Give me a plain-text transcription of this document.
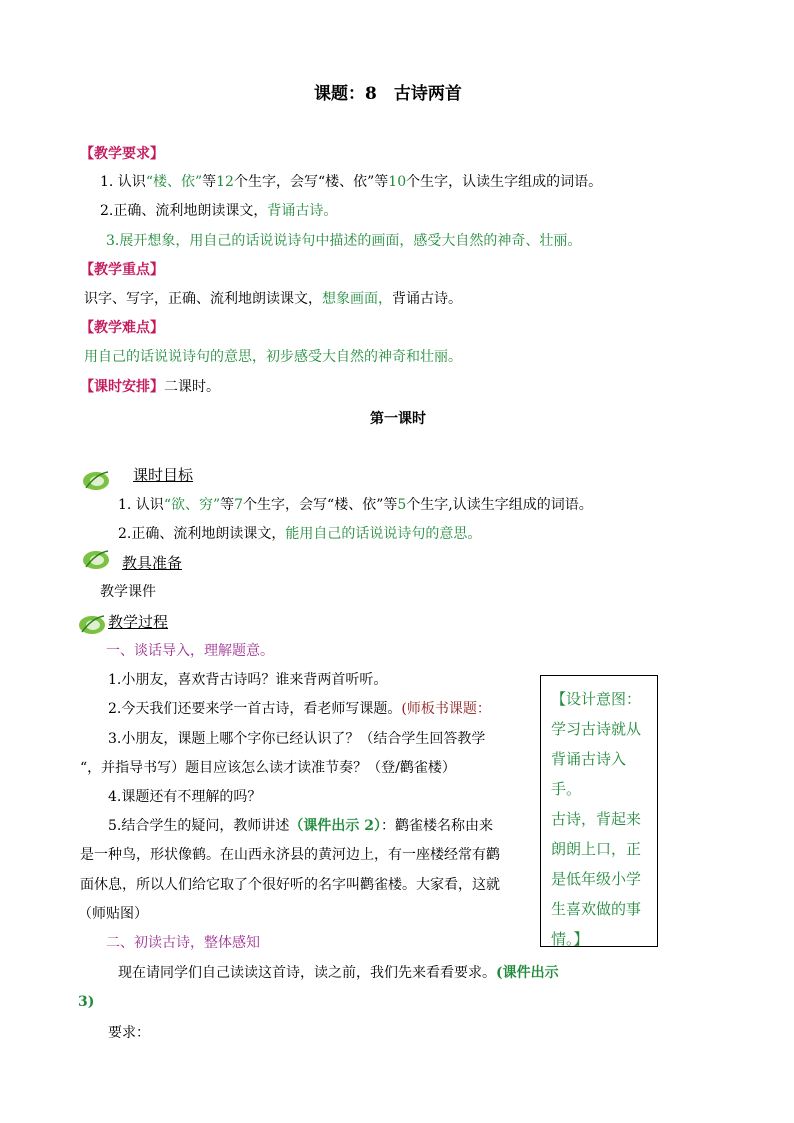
课题：8　古诗两首
【教学要求】
1. 认识“楼、依”等12个生字，会写“楼、依”等10个生字，认读生字组成的词语。
2.正确、流利地朗读课文，背诵古诗。
3.展开想象，用自己的话说说诗句中描述的画面，感受大自然的神奇、壮丽。
【教学重点】
识字、写字，正确、流利地朗读课文，想象画面，背诵古诗。
【教学难点】
用自己的话说说诗句的意思，初步感受大自然的神奇和壮丽。
【课时安排】二课时。
第一课时
课时目标
1. 认识“欲、穷”等7个生字，会写“楼、依”等5个生字,认读生字组成的词语。
2.正确、流利地朗读课文，能用自己的话说说诗句的意思。
教具准备
教学课件
教学过程
一、谈话导入，理解题意。
1.小朋友，喜欢背古诗吗？谁来背两首听听。
2.今天我们还要来学一首古诗，看老师写课题。(师板书课题：
3.小朋友，课题上哪个字你已经认识了？（结合学生回答教学
“，并指导书写）题目应该怎么读才读准节奏？（登/鹳雀楼）
4.课题还有不理解的吗？
5.结合学生的疑问，教师讲述（课件出示 2）：鹳雀楼名称由来
是一种鸟，形状像鹤。在山西永济县的黄河边上，有一座楼经常有鹳
面休息，所以人们给它取了个很好听的名字叫鹳雀楼。大家看，这就
（师贴图）
二、初读古诗，整体感知
现在请同学们自己读读这首诗，读之前，我们先来看看要求。(课件出示
3)
要求：

【设计意图：

学习古诗就从

背诵古诗入手。

古诗，背起来

朗朗上口，正

是低年级小学

生喜欢做的事

情。】
